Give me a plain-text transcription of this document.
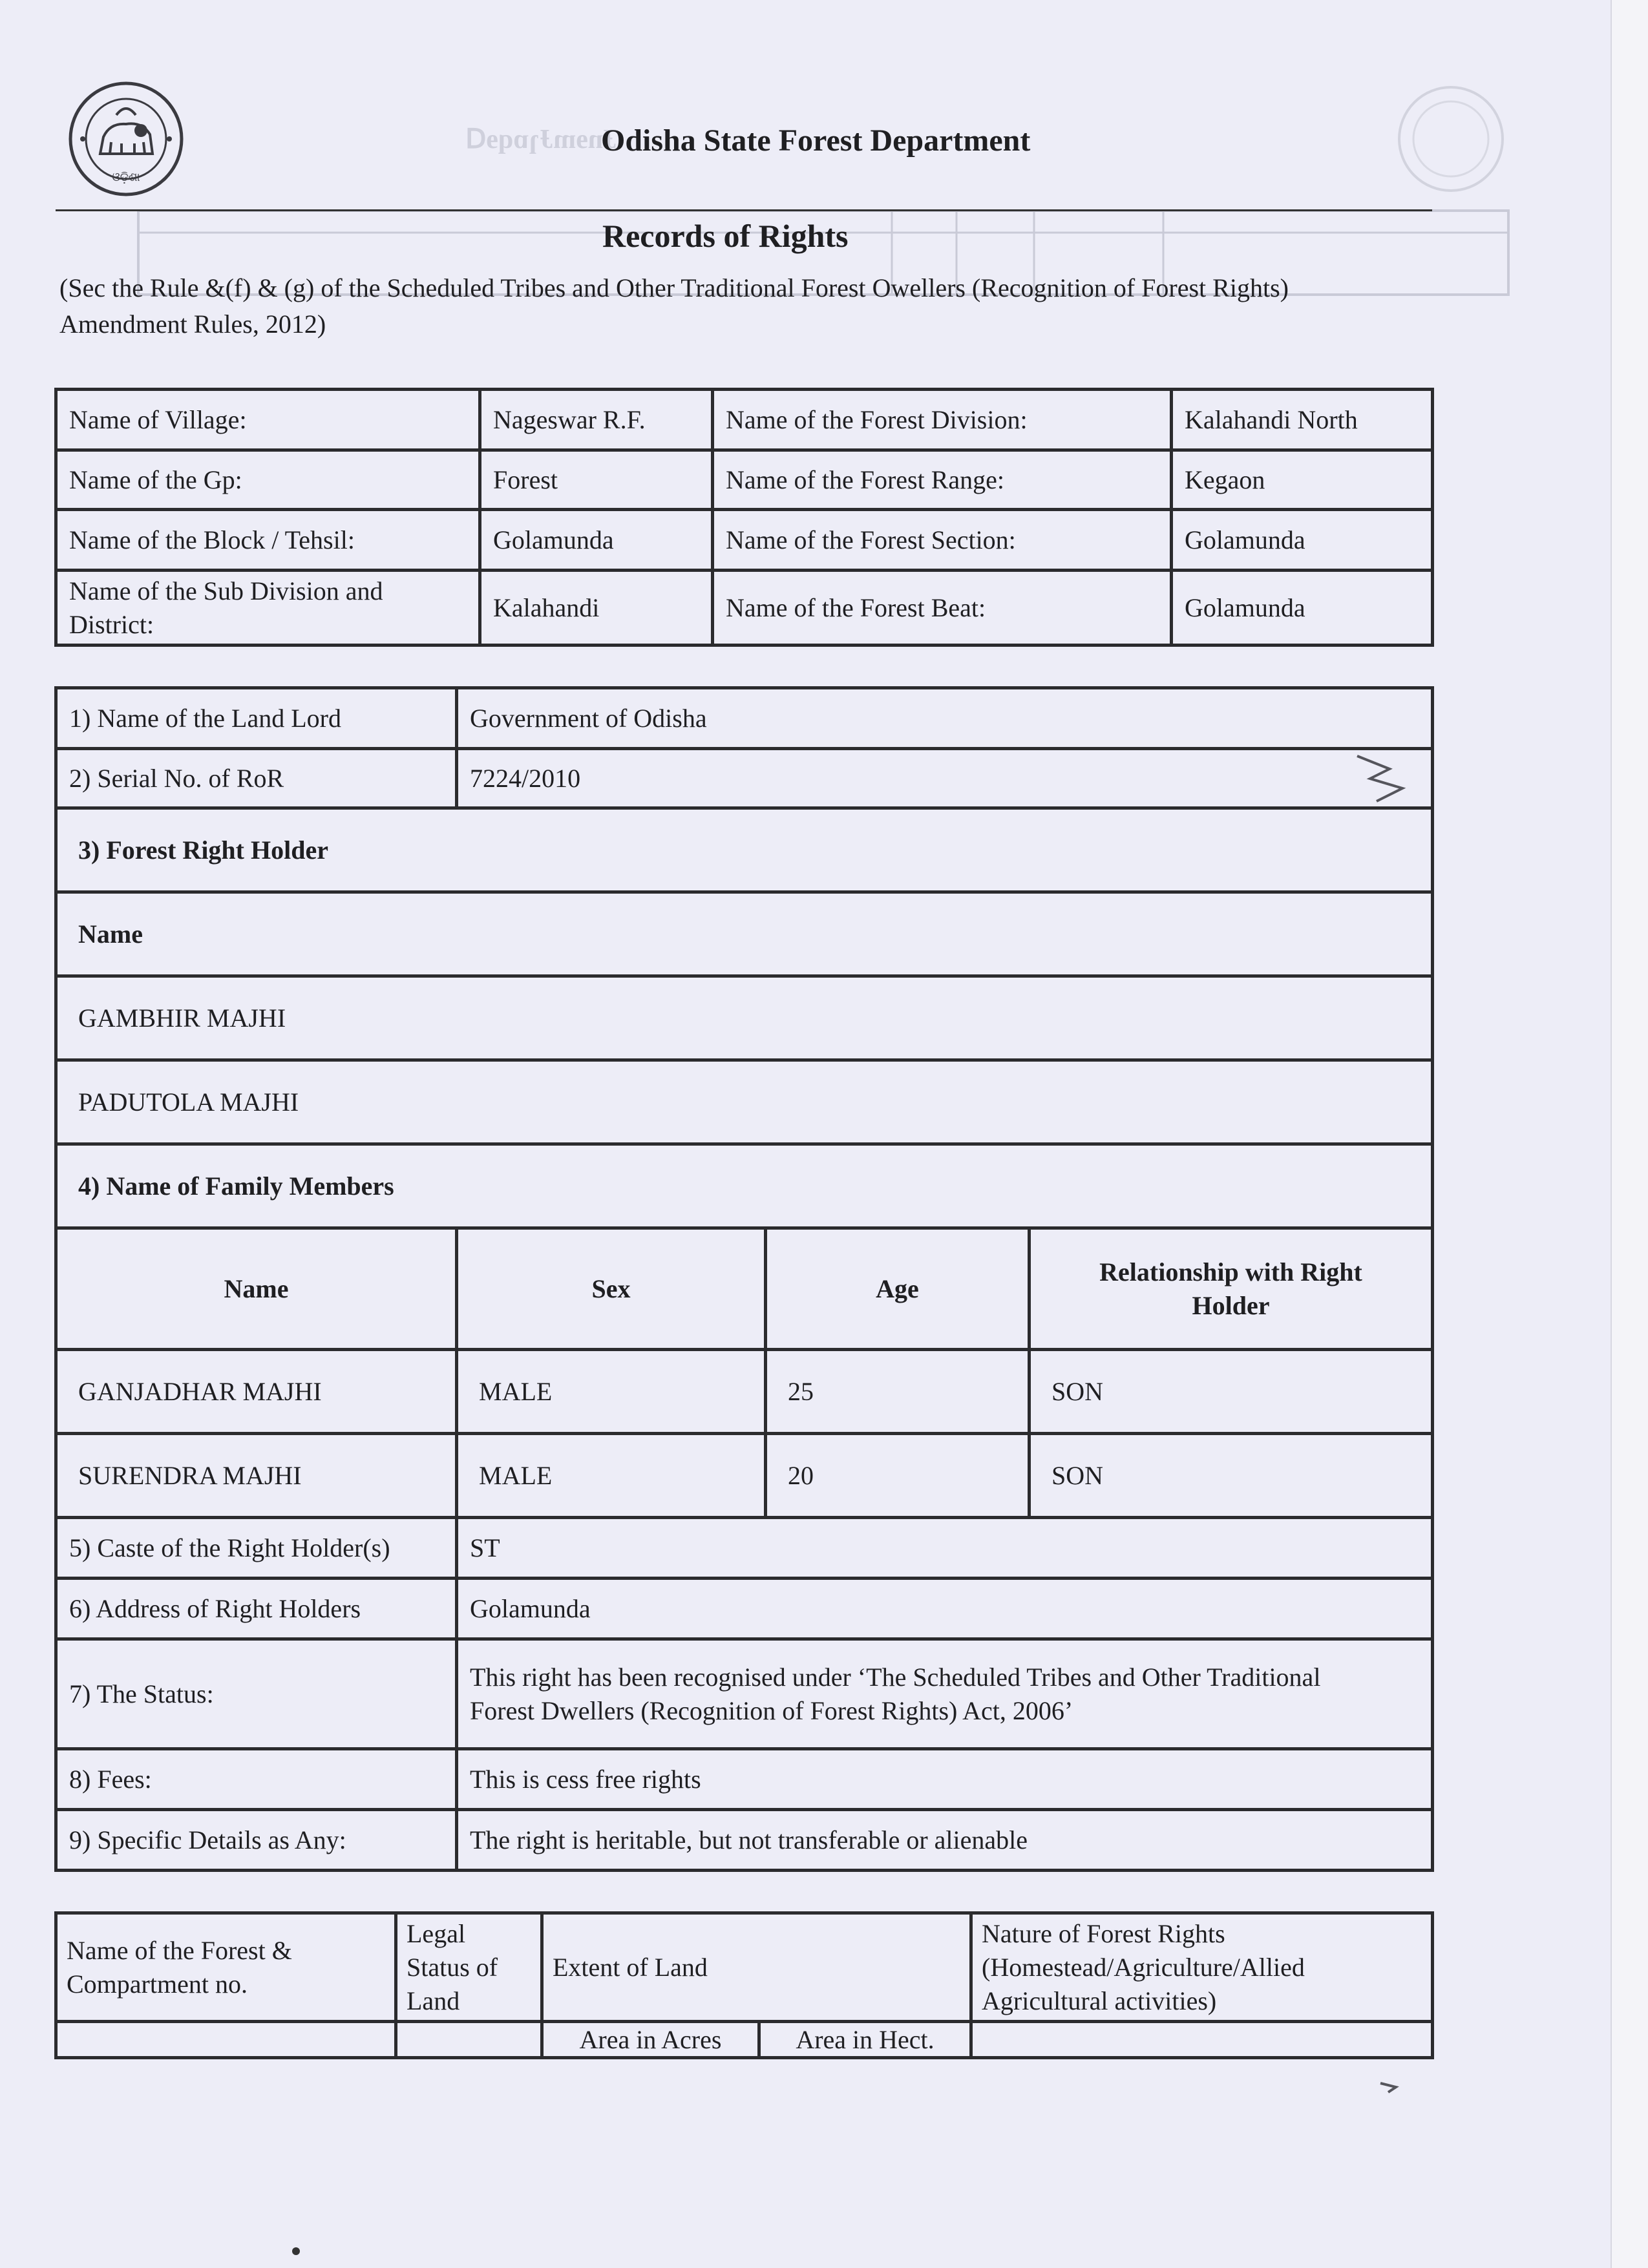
ɈnɘmɈɿɒqɘᗡ
ଓଡ଼ିଶା
Odisha State Forest Department
Records of Rights
(Sec the Rule &(f) & (g) of the Scheduled Tribes and Other Traditional Forest Owellers (Recognition of Forest Rights) Amendment Rules, 2012)
Name of Village:	Nageswar R.F.	Name of the Forest Division:	Kalahandi North
Name of the Gp:	Forest	Name of the Forest Range:	Kegaon
Name of the Block / Tehsil:	Golamunda	Name of the Forest Section:	Golamunda
Name of the Sub Division and District:	Kalahandi	Name of the Forest Beat:	Golamunda
1) Name of the Land Lord	Government of Odisha		
2) Serial No. of RoR	7224/2010		
3) Forest Right Holder			
Name			
GAMBHIR MAJHI			
PADUTOLA MAJHI			
4) Name of Family Members			
Name	Sex	Age	Relationship with Right Holder
GANJADHAR MAJHI	MALE	25	SON
SURENDRA MAJHI	MALE	20	SON
5) Caste of the Right Holder(s)	ST		
6) Address of Right Holders	Golamunda		
7) The Status:	This right has been recognised under ‘The Scheduled Tribes and Other Traditional
Forest Dwellers (Recognition of Forest Rights) Act, 2006’		

8) Fees:	This is cess free rights		
9) Specific Details as Any:	The right is heritable, but not transferable or alienable		
Name of the Forest & Compartment no.	Legal Status of Land	Extent of Land		Nature of Forest Rights (Homestead/Agriculture/Allied Agricultural activities)
		Area in Acres	Area in Hect.	
